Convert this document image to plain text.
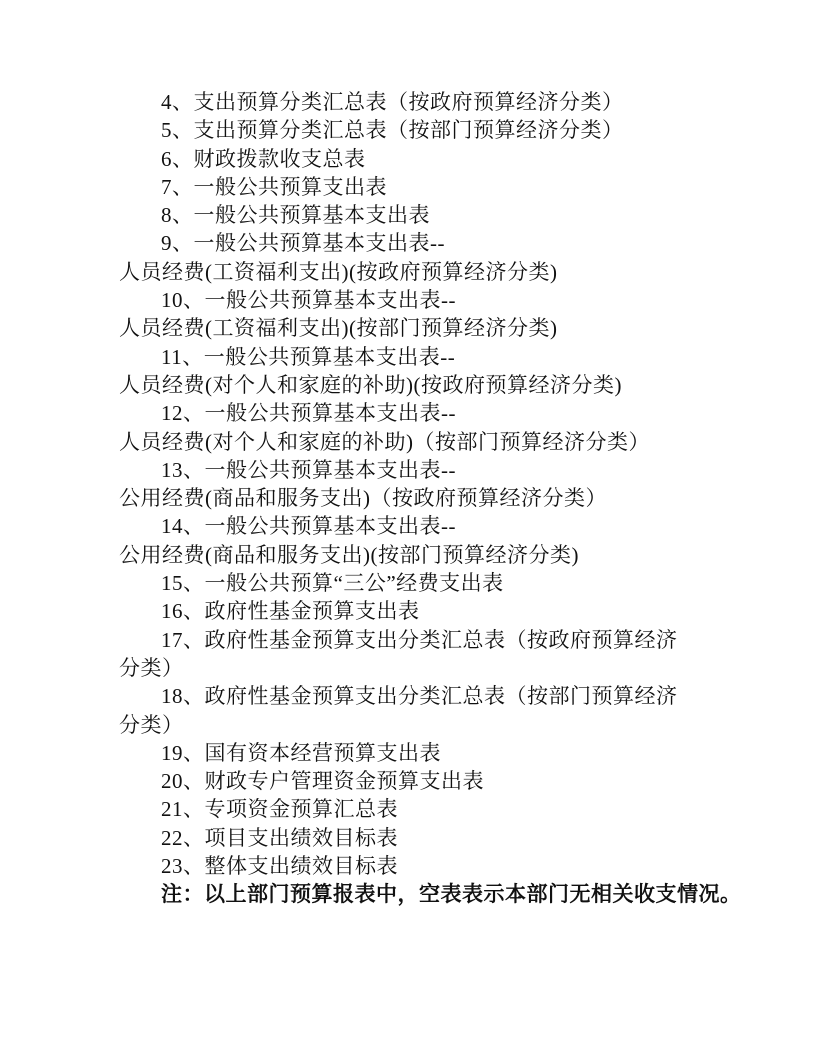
4、支出预算分类汇总表（按政府预算经济分类）
5、支出预算分类汇总表（按部门预算经济分类）
6、财政拨款收支总表
7、一般公共预算支出表
8、一般公共预算基本支出表
9、一般公共预算基本支出表--
人员经费(工资福利支出)(按政府预算经济分类)
10、一般公共预算基本支出表--
人员经费(工资福利支出)(按部门预算经济分类)
11、一般公共预算基本支出表--
人员经费(对个人和家庭的补助)(按政府预算经济分类)
12、一般公共预算基本支出表--
人员经费(对个人和家庭的补助)（按部门预算经济分类）
13、一般公共预算基本支出表--
公用经费(商品和服务支出)（按政府预算经济分类）
14、一般公共预算基本支出表--
公用经费(商品和服务支出)(按部门预算经济分类)
15、一般公共预算“三公”经费支出表
16、政府性基金预算支出表
17、政府性基金预算支出分类汇总表（按政府预算经济
分类）
18、政府性基金预算支出分类汇总表（按部门预算经济
分类）
19、国有资本经营预算支出表
20、财政专户管理资金预算支出表
21、专项资金预算汇总表
22、项目支出绩效目标表
23、整体支出绩效目标表
注：以上部门预算报表中，空表表示本部门无相关收支情况。
